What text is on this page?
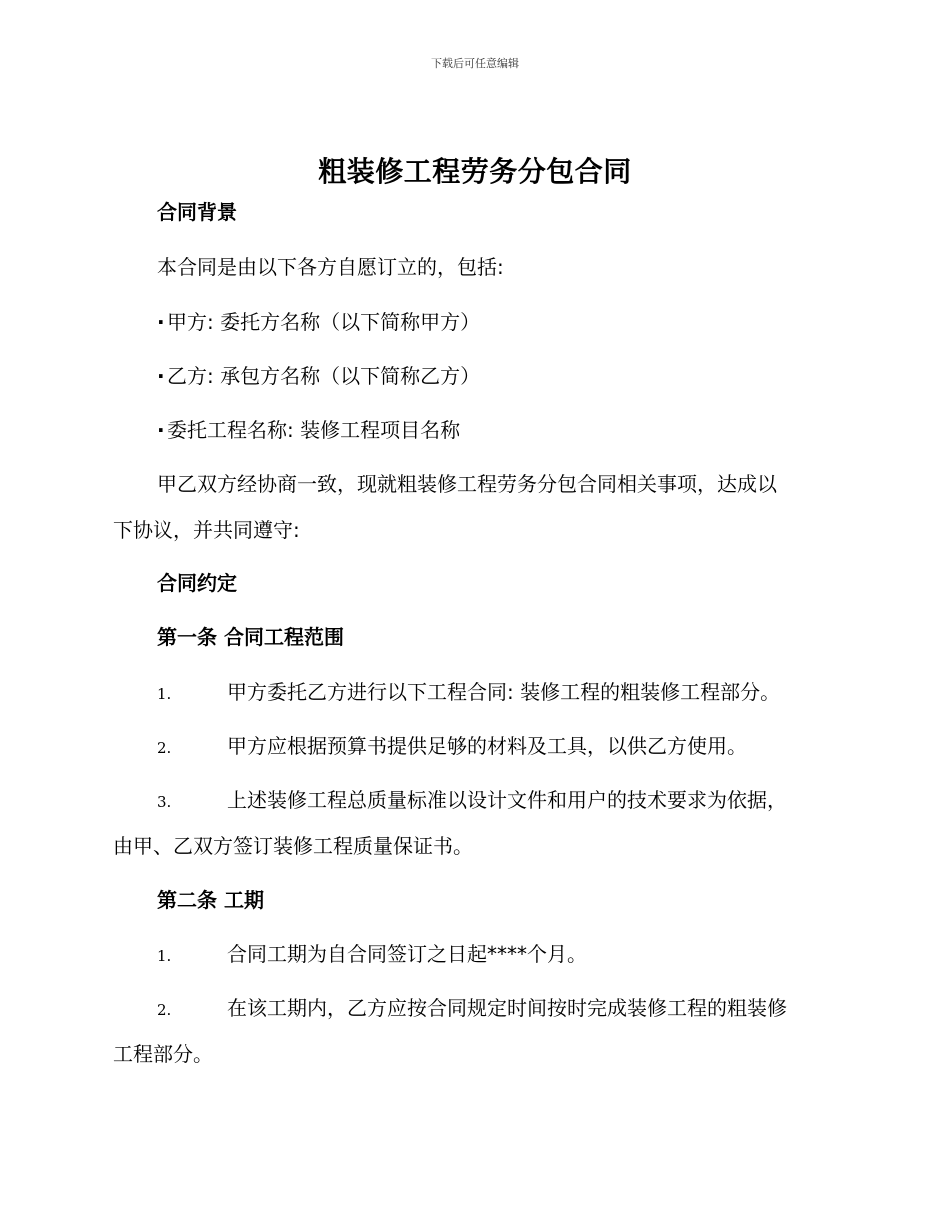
下载后可任意编辑
粗装修工程劳务分包合同
合同背景
本合同是由以下各方自愿订立的，包括:
· 甲方: 委托方名称（以下简称甲方）
· 乙方: 承包方名称（以下简称乙方）
· 委托工程名称: 装修工程项目名称
甲乙双方经协商一致，现就粗装修工程劳务分包合同相关事项，达成以
下协议，并共同遵守:
合同约定
第一条 合同工程范围
1.	甲方委托乙方进行以下工程合同: 装修工程的粗装修工程部分。
2.	甲方应根据预算书提供足够的材料及工具，以供乙方使用。
3.	上述装修工程总质量标准以设计文件和用户的技术要求为依据，
由甲、乙双方签订装修工程质量保证书。
第二条 工期
1.	合同工期为自合同签订之日起****个月。
2.	在该工期内，乙方应按合同规定时间按时完成装修工程的粗装修
工程部分。
